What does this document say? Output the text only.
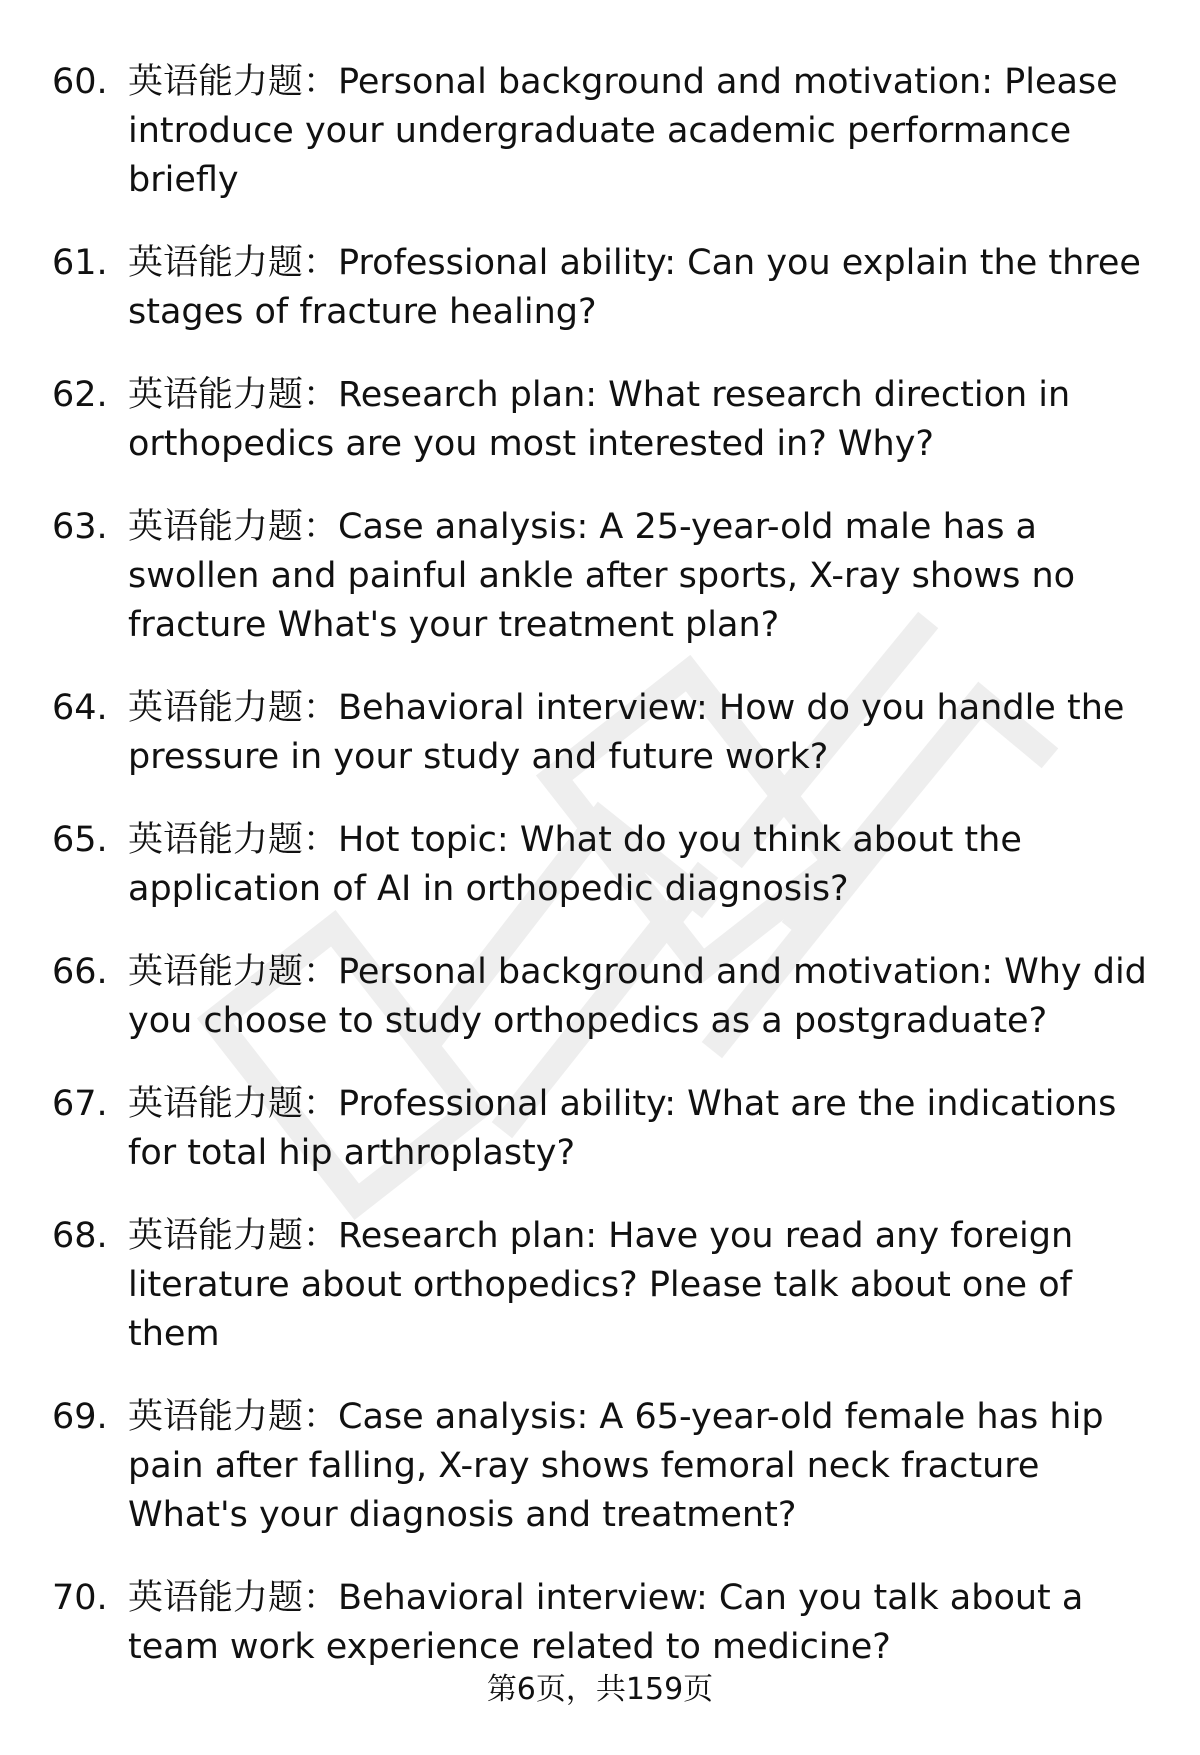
60. 英语能力题：Personal background and motivation: Please introduce your undergraduate academic performance briefly
61. 英语能力题：Professional ability: Can you explain the three stages of fracture healing?
62. 英语能力题：Research plan: What research direction in orthopedics are you most interested in? Why?
63. 英语能力题：Case analysis: A 25-year-old male has a swollen and painful ankle after sports, X-ray shows no fracture What's your treatment plan?
64. 英语能力题：Behavioral interview: How do you handle the pressure in your study and future work?
65. 英语能力题：Hot topic: What do you think about the application of AI in orthopedic diagnosis?
66. 英语能力题：Personal background and motivation: Why did you choose to study orthopedics as a postgraduate?
67. 英语能力题：Professional ability: What are the indications for total hip arthroplasty?
68. 英语能力题：Research plan: Have you read any foreign literature about orthopedics? Please talk about one of them
69. 英语能力题：Case analysis: A 65-year-old female has hip pain after falling, X-ray shows femoral neck fracture What's your diagnosis and treatment?
70. 英语能力题：Behavioral interview: Can you talk about a team work experience related to medicine?
第6页，共159页
